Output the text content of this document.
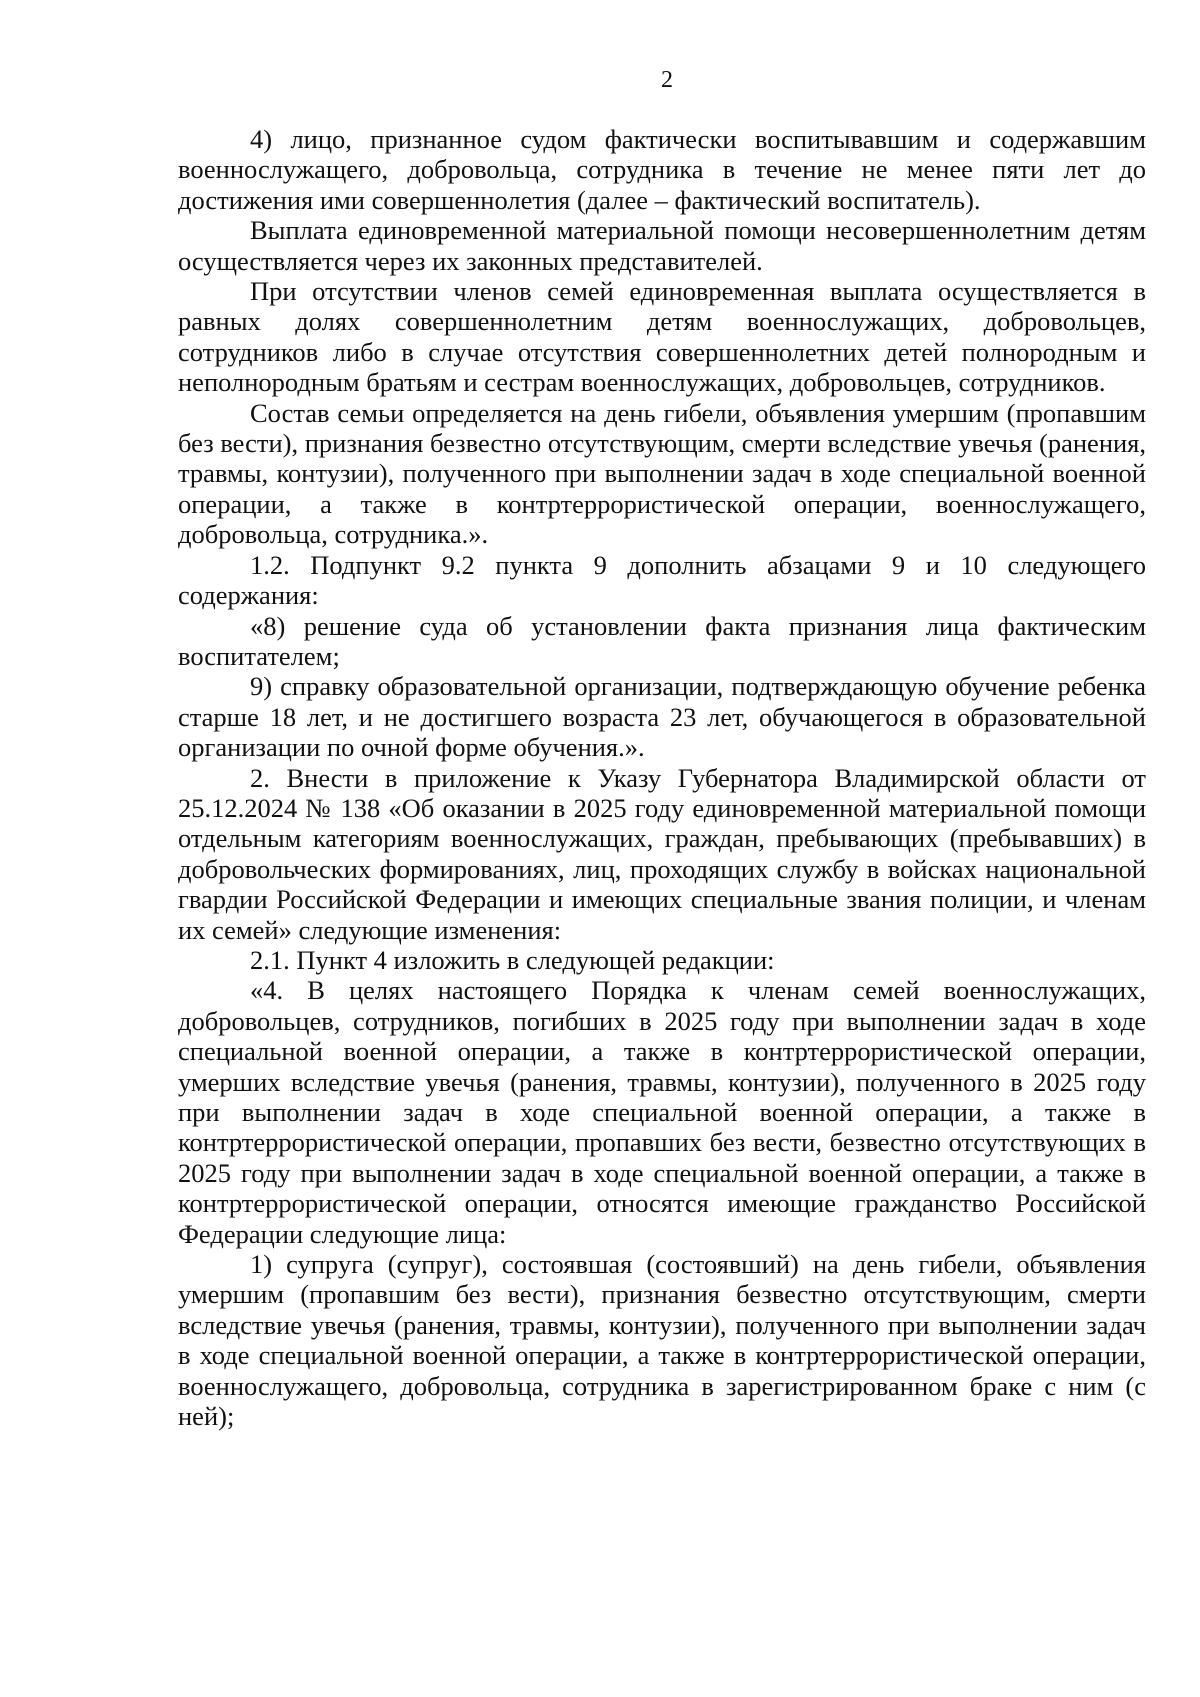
2

4) лицо, признанное судом фактически воспитывавшим и содержавшим военнослужащего, добровольца, сотрудника в течение не менее пяти лет до достижения ими совершеннолетия (далее – фактический воспитатель).

Выплата единовременной материальной помощи несовершеннолетним детям осуществляется через их законных представителей.

При отсутствии членов семей единовременная выплата осуществляется в равных долях совершеннолетним детям военнослужащих, добровольцев, сотрудников либо в случае отсутствия совершеннолетних детей полнородным и неполнородным братьям и сестрам военнослужащих, добровольцев, сотрудников.

Состав семьи определяется на день гибели, объявления умершим (пропавшим без вести), признания безвестно отсутствующим, смерти вследствие увечья (ранения, травмы, контузии), полученного при выполнении задач в ходе специальной военной операции, а также в контртеррористической операции, военнослужащего, добровольца, сотрудника.».

1.2. Подпункт 9.2 пункта 9 дополнить абзацами 9 и 10 следующего содержания:

«8) решение суда об установлении факта признания лица фактическим воспитателем;

9) справку образовательной организации, подтверждающую обучение ребенка старше 18 лет, и не достигшего возраста 23 лет, обучающегося в образовательной организации по очной форме обучения.».

2. Внести в приложение к Указу Губернатора Владимирской области от 25.12.2024 № 138 «Об оказании в 2025 году единовременной материальной помощи отдельным категориям военнослужащих, граждан, пребывающих (пребывавших) в добровольческих формированиях, лиц, проходящих службу в войсках национальной гвардии Российской Федерации и имеющих специальные звания полиции, и членам их семей» следующие изменения:

2.1. Пункт 4 изложить в следующей редакции:

«4. В целях настоящего Порядка к членам семей военнослужащих, добровольцев, сотрудников, погибших в 2025 году при выполнении задач в ходе специальной военной операции, а также в контртеррористической операции, умерших вследствие увечья (ранения, травмы, контузии), полученного в 2025 году при выполнении задач в ходе специальной военной операции, а также в контртеррористической операции, пропавших без вести, безвестно отсутствующих в 2025 году при выполнении задач в ходе специальной военной операции, а также в контртеррористической операции, относятся имеющие гражданство Российской Федерации следующие лица:

1) супруга (супруг), состоявшая (состоявший) на день гибели, объявления умершим (пропавшим без вести), признания безвестно отсутствующим, смерти вследствие увечья (ранения, травмы, контузии), полученного при выполнении задач в ходе специальной военной операции, а также в контртеррористической операции, военнослужащего, добровольца, сотрудника в зарегистрированном браке с ним (с ней);
